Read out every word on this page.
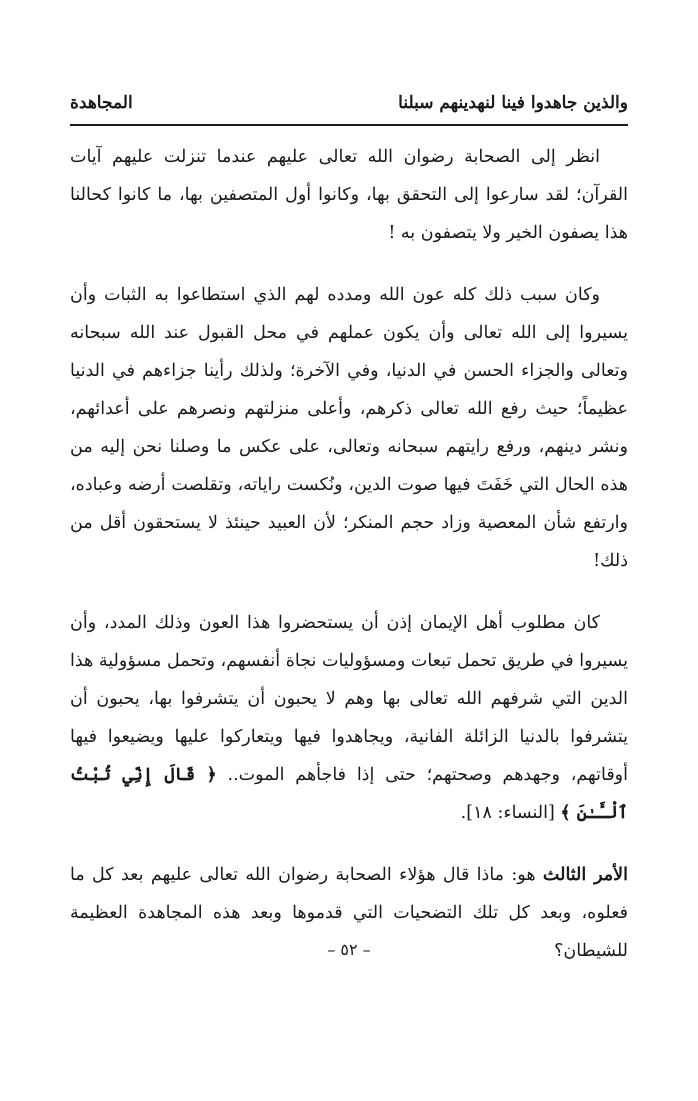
والذين جاهدوا فينا لنهدينهم سبلنا
المجاهدة

انظر إلى الصحابة رضوان الله تعالى عليهم عندما تنزلت عليهم آيات القرآن؛ لقد سارعوا إلى التحقق بها، وكانوا أول المتصفين بها، ما كانوا كحالنا هذا يصفون الخير ولا يتصفون به !

وكان سبب ذلك كله عون الله ومدده لهم الذي استطاعوا به الثبات وأن يسيروا إلى الله تعالى وأن يكون عملهم في محل القبول عند الله سبحانه وتعالى والجزاء الحسن في الدنيا، وفي الآخرة؛ ولذلك رأينا جزاءهم في الدنيا عظيماً؛ حيث رفع الله تعالى ذكرهم، وأعلى منزلتهم ونصرهم على أعدائهم، ونشر دينهم، ورفع رايتهم سبحانه وتعالى، على عكس ما وصلنا نحن إليه من هذه الحال التي خَفَتَ فيها صوت الدين، ونُكست راياته، وتقلصت أرضه وعباده، وارتفع شأن المعصية وزاد حجم المنكر؛ لأن العبيد حينئذ لا يستحقون أقل من ذلك!

كان مطلوب أهل الإيمان إذن أن يستحضروا هذا العون وذلك المدد، وأن يسيروا في طريق تحمل تبعات ومسؤوليات نجاة أنفسهم، وتحمل مسؤولية هذا الدين التي شرفهم الله تعالى بها وهم لا يحبون أن يتشرفوا بها، يحبون أن يتشرفوا بالدنيا الزائلة الفانية، ويجاهدوا فيها ويتعاركوا عليها ويضيعوا فيها أوقاتهم، وجهدهم وصحتهم؛ حتى إذا فاجأهم الموت.. ﴿ قَالَ إِنِّي تُبْتُ ٱلْـَٔـٰنَ ﴾ [النساء: ١٨].

الأمر الثالث هو: ماذا قال هؤلاء الصحابة رضوان الله تعالى عليهم بعد كل ما فعلوه، وبعد كل تلك التضحيات التي قدموها وبعد هذه المجاهدة العظيمة للشيطان؟

– ٥٢ –
